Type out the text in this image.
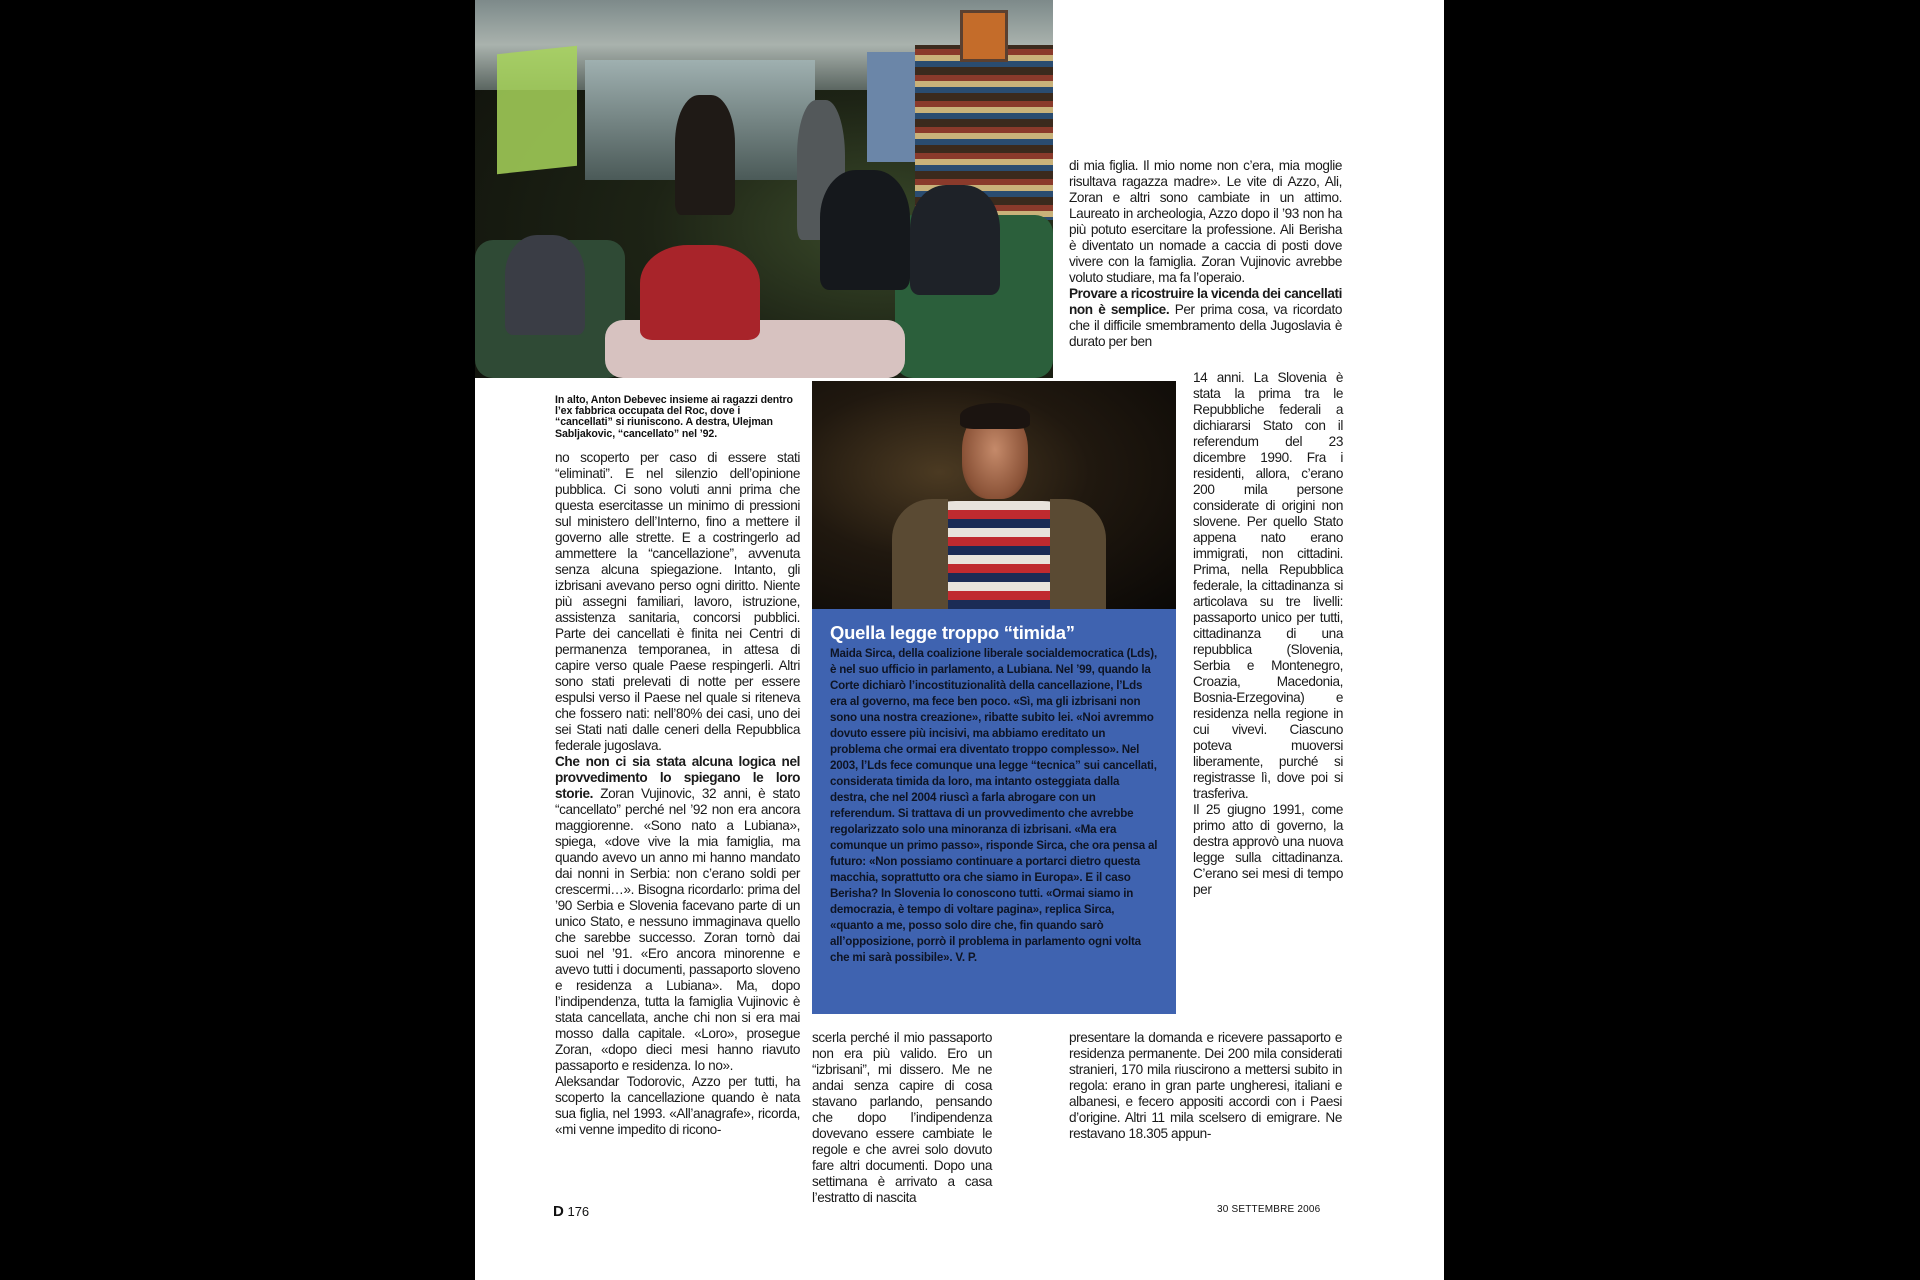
di mia figlia. Il mio nome non c’era, mia moglie risultava ragazza madre». Le vite di Azzo, Ali, Zoran e altri sono cambiate in un attimo. Laureato in archeologia, Azzo dopo il ’93 non ha più potuto esercitare la professione. Ali Berisha è diventato un nomade a caccia di posti dove vivere con la famiglia. Zoran Vujinovic avrebbe voluto studiare, ma fa l’operaio.

Provare a ricostruire la vicenda dei cancellati non è semplice. Per prima cosa, va ricordato che il difficile smembramento della Jugoslavia è durato per ben

In alto, Anton Debevec insieme ai ragazzi dentro l’ex fabbrica occupata del Roc, dove i “cancellati” si riuniscono. A destra, Ulejman Sabljakovic, “cancellato” nel ’92.

no scoperto per caso di essere stati “eliminati”. E nel silenzio dell’opinione pubblica. Ci sono voluti anni prima che questa esercitasse un minimo di pressioni sul ministero dell’Interno, fino a mettere il governo alle strette. E a costringerlo ad ammettere la “cancellazione”, avvenuta senza alcuna spiegazione. Intanto, gli izbrisani avevano perso ogni diritto. Niente più assegni familiari, lavoro, istruzione, assistenza sanitaria, concorsi pubblici. Parte dei cancellati è finita nei Centri di permanenza temporanea, in attesa di capire verso quale Paese respingerli. Altri sono stati prelevati di notte per essere espulsi verso il Paese nel quale si riteneva che fossero nati: nell’80% dei casi, uno dei sei Stati nati dalle ceneri della Repubblica federale jugoslava.

Che non ci sia stata alcuna logica nel provvedimento lo spiegano le loro storie. Zoran Vujinovic, 32 anni, è stato “cancellato” perché nel ’92 non era ancora maggiorenne. «Sono nato a Lubiana», spiega, «dove vive la mia famiglia, ma quando avevo un anno mi hanno mandato dai nonni in Serbia: non c’erano soldi per crescermi…». Bisogna ricordarlo: prima del ’90 Serbia e Slovenia facevano parte di un unico Stato, e nessuno immaginava quello che sarebbe successo. Zoran tornò dai suoi nel ’91. «Ero ancora minorenne e avevo tutti i documenti, passaporto sloveno e residenza a Lubiana». Ma, dopo l’indipendenza, tutta la famiglia Vujinovic è stata cancellata, anche chi non si era mai mosso dalla capitale. «Loro», prosegue Zoran, «dopo dieci mesi hanno riavuto passaporto e residenza. Io no».

Aleksandar Todorovic, Azzo per tutti, ha scoperto la cancellazione quando è nata sua figlia, nel 1993. «All’anagrafe», ricorda, «mi venne impedito di ricono-

Quella legge troppo “timida”

Maida Sirca, della coalizione liberale socialdemocratica (Lds), è nel suo ufficio in parlamento, a Lubiana. Nel ’99, quando la Corte dichiarò l’incostituzionalità della cancellazione, l’Lds era al governo, ma fece ben poco. «Sì, ma gli izbrisani non sono una nostra creazione», ribatte subito lei. «Noi avremmo dovuto essere più incisivi, ma abbiamo ereditato un problema che ormai era diventato troppo complesso». Nel 2003, l’Lds fece comunque una legge “tecnica” sui cancellati, considerata timida da loro, ma intanto osteggiata dalla destra, che nel 2004 riuscì a farla abrogare con un referendum. Si trattava di un provvedimento che avrebbe regolarizzato solo una minoranza di izbrisani. «Ma era comunque un primo passo», risponde Sirca, che ora pensa al futuro: «Non possiamo continuare a portarci dietro questa macchia, soprattutto ora che siamo in Europa». E il caso Berisha? In Slovenia lo conoscono tutti. «Ormai siamo in democrazia, è tempo di voltare pagina», replica Sirca, «quanto a me, posso solo dire che, fin quando sarò all’opposizione, porrò il problema in parlamento ogni volta che mi sarà possibile». V. P.

14 anni. La Slovenia è stata la prima tra le Repubbliche federali a dichiararsi Stato con il referendum del 23 dicembre 1990. Fra i residenti, allora, c’erano 200 mila persone considerate di origini non slovene. Per quello Stato appena nato erano immigrati, non cittadini. Prima, nella Repubblica federale, la cittadinanza si articolava su tre livelli: passaporto unico per tutti, cittadinanza di una repubblica (Slovenia, Serbia e Montenegro, Croazia, Macedonia, Bosnia-Erzegovina) e residenza nella regione in cui vivevi. Ciascuno poteva muoversi liberamente, purché si registrasse lì, dove poi si trasferiva.

Il 25 giugno 1991, come primo atto di governo, la destra approvò una nuova legge sulla cittadinanza. C’erano sei mesi di tempo per

scerla perché il mio passaporto non era più valido. Ero un “izbrisani”, mi dissero. Me ne andai senza capire di cosa stavano parlando, pensando che dopo l’indipendenza dovevano essere cambiate le regole e che avrei solo dovuto fare altri documenti. Dopo una settimana è arrivato a casa l’estratto di nascita

presentare la domanda e ricevere passaporto e residenza permanente. Dei 200 mila considerati stranieri, 170 mila riuscirono a mettersi subito in regola: erano in gran parte ungheresi, italiani e albanesi, e fecero appositi accordi con i Paesi d’origine. Altri 11 mila scelsero di emigrare. Ne restavano 18.305 appun-

D 176	30 SETTEMBRE 2006
